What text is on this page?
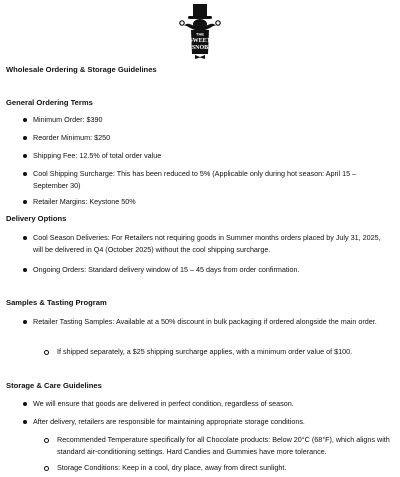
THE
SWEET
SNOB
Wholesale Ordering & Storage Guidelines
General Ordering Terms
Minimum Order: $390
Reorder Minimum: $250
Shipping Fee: 12.5% of total order value
Cool Shipping Surcharge: This has been reduced to 5% (Applicable only during hot season: April 15 – September 30)
Retailer Margins: Keystone 50%
Delivery Options
Cool Season Deliveries: For Retailers not requiring goods in Summer months orders placed by July 31, 2025, will be delivered in Q4 (October 2025) without the cool shipping surcharge.
Ongoing Orders: Standard delivery window of 15 – 45 days from order confirmation.
Samples & Tasting Program
Retailer Tasting Samples: Available at a 50% discount in bulk packaging if ordered alongside the main order.
If shipped separately, a $25 shipping surcharge applies, with a minimum order value of $100.
Storage & Care Guidelines
We will ensure that goods are delivered in perfect condition, regardless of season.
After delivery, retailers are responsible for maintaining appropriate storage conditions.
Recommended Temperature specifically for all Chocolate products: Below 20°C (68°F), which aligns with standard air-conditioning settings. Hard Candies and Gummies have more tolerance.
Storage Conditions: Keep in a cool, dry place, away from direct sunlight.
